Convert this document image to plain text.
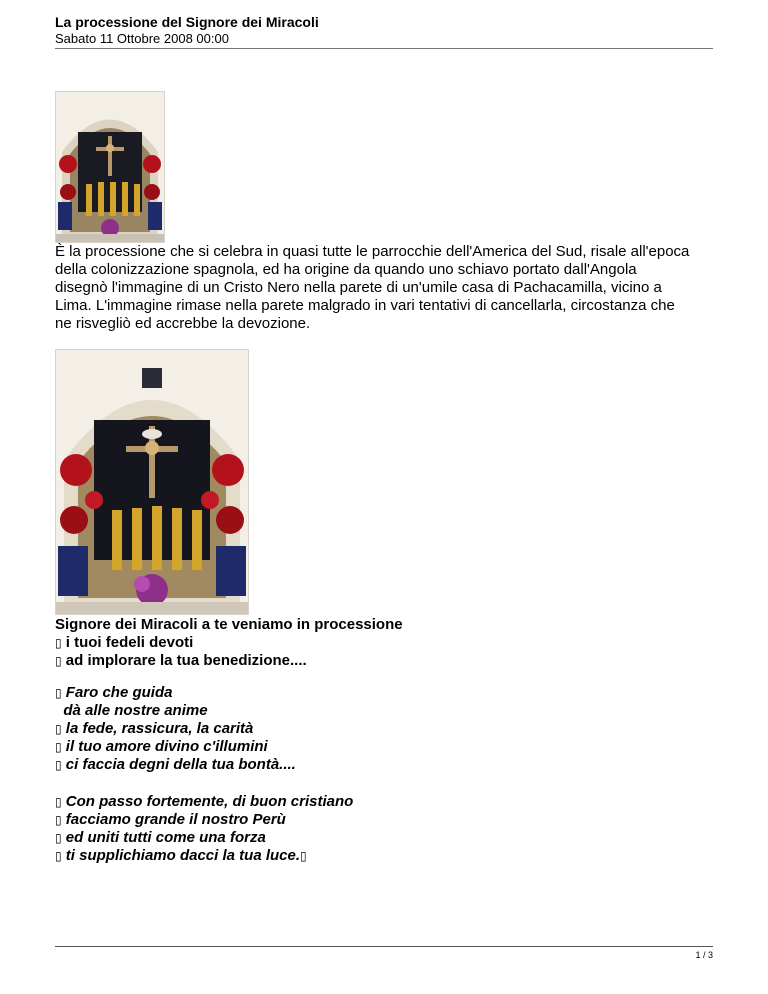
La processione del Signore dei Miracoli
Sabato 11 Ottobre 2008 00:00

È la processione che si celebra in quasi tutte le parrocchie dell'America del Sud, risale all'epoca
della colonizzazione spagnola, ed ha origine da quando uno schiavo portato dall'Angola
disegnò l'immagine di un Cristo Nero nella parete di un'umile casa di Pachacamilla, vicino a
Lima. L'immagine rimase nella parete malgrado in vari tentativi di cancellarla, circostanza che
ne risvegliò ed accrebbe la devozione.

Signore dei Miracoli a te veniamo in processione
▯ i tuoi fedeli devoti
▯ ad implorare la tua benedizione....
▯ Faro che guida
dà alle nostre anime
▯ la fede, rassicura, la carità
▯ il tuo amore divino c'illumini
▯ ci faccia degni della tua bontà....
▯ Con passo fortemente, di buon cristiano
▯ facciamo grande il nostro Perù
▯ ed uniti tutti come una forza
▯ ti supplichiamo dacci la tua luce.▯
1 / 3
